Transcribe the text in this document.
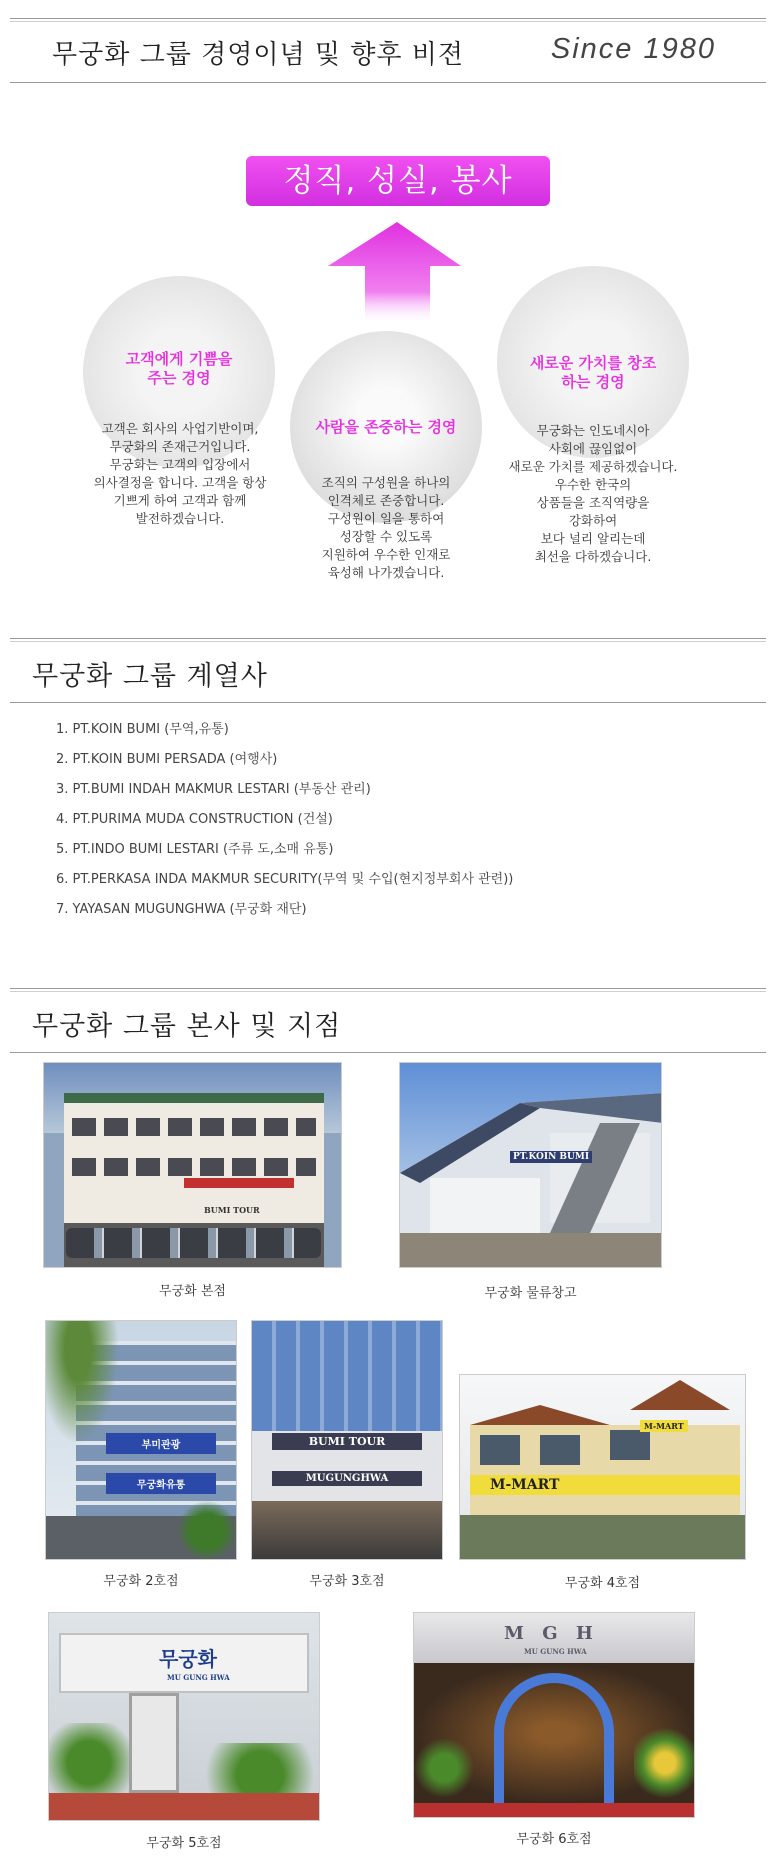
무궁화 그룹 경영이념 및 향후 비젼	Since 1980
정직, 성실, 봉사
고객에게 기쁨을
주는 경영
고객은 회사의 사업기반이며,
무궁화의 존재근거입니다.
무궁화는 고객의 입장에서
의사결정을 합니다. 고객을 항상
기쁘게 하여 고객과 함께
발전하겠습니다.
사람을 존중하는 경영
조직의 구성원을 하나의
인격체로 존중합니다.
구성원이 일을 통하여
성장할 수 있도록
지원하여 우수한 인재로
육성해 나가겠습니다.
새로운 가치를 창조
하는 경영
무궁화는 인도네시아
사회에 끊임없이
새로운 가치를 제공하겠습니다.
우수한 한국의
상품들을 조직역량을
강화하여
보다 널리 알리는데
최선을 다하겠습니다.
무궁화 그룹 계열사
1. PT.KOIN BUMI (무역,유통)
2. PT.KOIN BUMI PERSADA (여행사)
3. PT.BUMI INDAH MAKMUR LESTARI (부동산 관리)
4. PT.PURIMA MUDA CONSTRUCTION (건설)
5. PT.INDO BUMI LESTARI (주류 도,소매 유통)
6. PT.PERKASA INDA MAKMUR SECURITY(무역 및 수입(현지정부회사 관련))
7. YAYASAN MUGUNGHWA (무궁화 재단)
무궁화 그룹 본사 및 지점
BUMI TOUR
무궁화 본점
PT.KOIN BUMI
무궁화 물류창고
부미관광
무궁화유통
무궁화 2호점
BUMI TOUR
MUGUNGHWA
무궁화 3호점
M-MART
M-MART
무궁화 4호점
무궁화
MU GUNG HWA
무궁화 5호점
M G H
MU GUNG HWA
무궁화 6호점
